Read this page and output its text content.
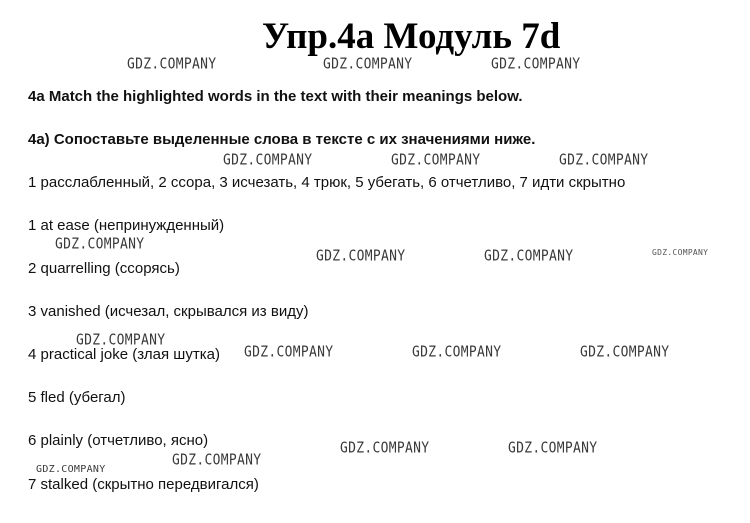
Упр.4а Модуль 7d
4a Match the highlighted words in the text with their meanings below.
4а) Сопоставьте выделенные слова в тексте с их значениями ниже.
1 расслабленный, 2 ссора, 3 исчезать, 4 трюк, 5 убегать, 6 отчетливо, 7 идти скрытно
1 at ease (непринужденный)
2 quarrelling (ссорясь)
3 vanished (исчезал, скрывался из виду)
4 practical joke (злая шутка)
5 fled (убегал)
6 plainly (отчетливо, ясно)
7 stalked (скрытно передвигался)
GDZ.COMPANY	GDZ.COMPANY	GDZ.COMPANY
GDZ.COMPANY	GDZ.COMPANY	GDZ.COMPANY
GDZ.COMPANY
GDZ.COMPANY	GDZ.COMPANY	GDZ.COMPANY
GDZ.COMPANY
GDZ.COMPANY	GDZ.COMPANY	GDZ.COMPANY
GDZ.COMPANY	GDZ.COMPANY
GDZ.COMPANY
GDZ.COMPANY
